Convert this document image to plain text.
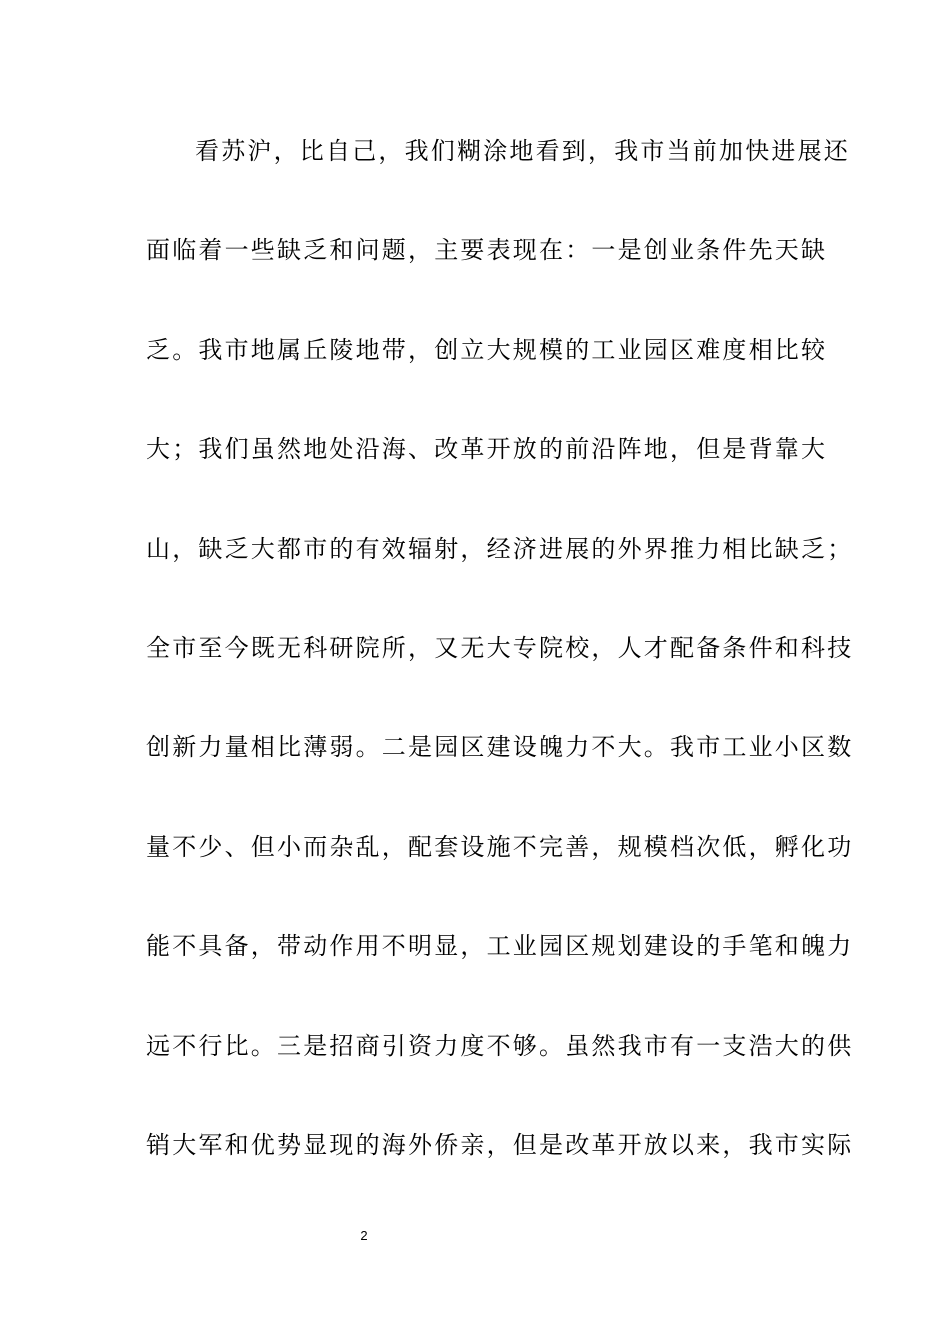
看苏沪，比自己，我们糊涂地看到，我市当前加快进展还
面临着一些缺乏和问题，主要表现在：一是创业条件先天缺
乏。我市地属丘陵地带，创立大规模的工业园区难度相比较
大；我们虽然地处沿海、改革开放的前沿阵地，但是背靠大
山，缺乏大都市的有效辐射，经济进展的外界推力相比缺乏；
全市至今既无科研院所，又无大专院校，人才配备条件和科技
创新力量相比薄弱。二是园区建设魄力不大。我市工业小区数
量不少、但小而杂乱，配套设施不完善，规模档次低，孵化功
能不具备，带动作用不明显，工业园区规划建设的手笔和魄力
远不行比。三是招商引资力度不够。虽然我市有一支浩大的供
销大军和优势显现的海外侨亲，但是改革开放以来，我市实际
2
